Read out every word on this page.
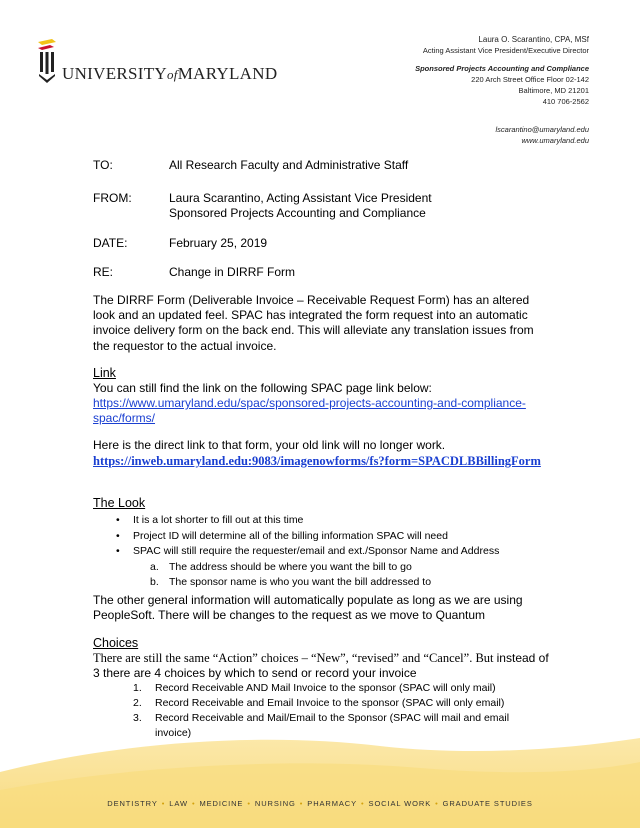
UNIVERSITYofMARYLAND
Laura O. Scarantino, CPA, MSf
Acting Assistant Vice President/Executive Director
Sponsored Projects Accounting and Compliance
220 Arch Street Office Floor 02-142
Baltimore, MD 21201
410 706-2562
lscarantino@umaryland.edu
www.umaryland.edu
TO:	All Research Faculty and Administrative Staff
FROM:	Laura Scarantino, Acting Assistant Vice President
Sponsored Projects Accounting and Compliance
DATE:	February 25, 2019
RE:	Change in DIRRF Form
The DIRRF Form (Deliverable Invoice – Receivable Request Form) has an altered look and an updated feel. SPAC has integrated the form request into an automatic invoice delivery form on the back end. This will alleviate any translation issues from the requestor to the actual invoice.
Link
You can still find the link on the following SPAC page link below:
https://www.umaryland.edu/spac/sponsored-projects-accounting-and-compliance-spac/forms/
Here is the direct link to that form, your old link will no longer work.
https://inweb.umaryland.edu:9083/imagenowforms/fs?form=SPACDLBBillingForm
The Look
• It is a lot shorter to fill out at this time
• Project ID will determine all of the billing information SPAC will need
• SPAC will still require the requester/email and ext./Sponsor Name and Address
a. The address should be where you want the bill to go
b. The sponsor name is who you want the bill addressed to
The other general information will automatically populate as long as we are using PeopleSoft. There will be changes to the request as we move to Quantum
Choices
There are still the same “Action” choices – “New”, “revised” and “Cancel”. But instead of 3 there are 4 choices by which to send or record your invoice
1. Record Receivable AND Mail Invoice to the sponsor (SPAC will only mail)
2. Record Receivable and Email Invoice to the sponsor (SPAC will only email)
3. Record Receivable and Mail/Email to the Sponsor (SPAC will mail and email invoice)
DENTISTRY • LAW • MEDICINE • NURSING • PHARMACY • SOCIAL WORK • GRADUATE STUDIES
